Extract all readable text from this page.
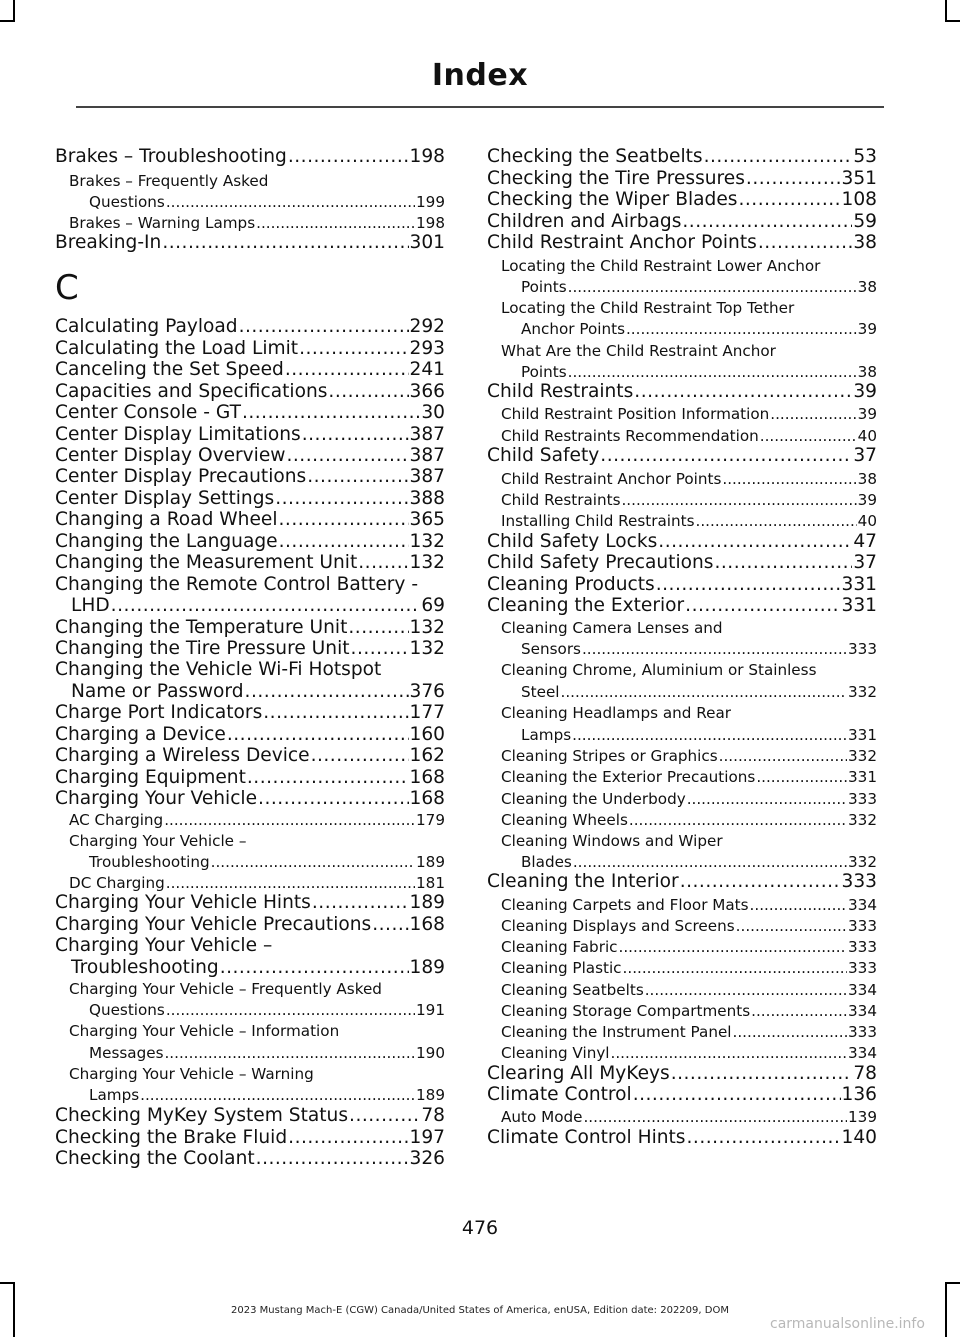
Index
Brakes – Troubleshooting .....	198
Brakes – Frequently Asked
Questions .....	199
Brakes – Warning Lamps .....	198
Breaking-In .....	301
C
Calculating Payload .....	292
Calculating the Load Limit .....	293
Canceling the Set Speed .....	241
Capacities and Specifications .....	366
Center Console - GT .....	30
Center Display Limitations .....	387
Center Display Overview .....	387
Center Display Precautions .....	387
Center Display Settings .....	388
Changing a Road Wheel .....	365
Changing the Language .....	132
Changing the Measurement Unit .....	132
Changing the Remote Control Battery -
LHD .....	69
Changing the Temperature Unit .....	132
Changing the Tire Pressure Unit .....	132
Changing the Vehicle Wi-Fi Hotspot
Name or Password .....	376
Charge Port Indicators .....	177
Charging a Device .....	160
Charging a Wireless Device .....	162
Charging Equipment .....	168
Charging Your Vehicle .....	168
AC Charging .....	179
Charging Your Vehicle –
Troubleshooting .....	189
DC Charging .....	181
Charging Your Vehicle Hints .....	189
Charging Your Vehicle Precautions ..... 168
Charging Your Vehicle –
Troubleshooting .....	189
Charging Your Vehicle – Frequently Asked
Questions .....	191
Charging Your Vehicle – Information
Messages .....	190
Charging Your Vehicle – Warning
Lamps .....	189
Checking MyKey System Status .....	78
Checking the Brake Fluid .....	197
Checking the Coolant .....	326
Checking the Seatbelts .....	53
Checking the Tire Pressures .....	351
Checking the Wiper Blades .....	108
Children and Airbags .....	59
Child Restraint Anchor Points .....	38
Locating the Child Restraint Lower Anchor
Points .....	38
Locating the Child Restraint Top Tether
Anchor Points .....	39
What Are the Child Restraint Anchor
Points .....	38
Child Restraints .....	39
Child Restraint Position Information .....	39
Child Restraints Recommendation .....	40
Child Safety .....	37
Child Restraint Anchor Points .....	38
Child Restraints .....	39
Installing Child Restraints .....	40
Child Safety Locks .....	47
Child Safety Precautions .....	37
Cleaning Products .....	331
Cleaning the Exterior .....	331
Cleaning Camera Lenses and
Sensors .....	333
Cleaning Chrome, Aluminium or Stainless
Steel .....	332
Cleaning Headlamps and Rear
Lamps .....	331
Cleaning Stripes or Graphics .....	332
Cleaning the Exterior Precautions .....	331
Cleaning the Underbody .....	333
Cleaning Wheels .....	332
Cleaning Windows and Wiper
Blades .....	332
Cleaning the Interior .....	333
Cleaning Carpets and Floor Mats .....	334
Cleaning Displays and Screens .....	333
Cleaning Fabric .....	333
Cleaning Plastic .....	333
Cleaning Seatbelts .....	334
Cleaning Storage Compartments .....	334
Cleaning the Instrument Panel .....	333
Cleaning Vinyl .....	334
Clearing All MyKeys .....	78
Climate Control .....	136
Auto Mode .....	139
Climate Control Hints .....	140
476
2023 Mustang Mach-E (CGW) Canada/United States of America, enUSA, Edition date: 202209, DOM
carmanualsonline.info
